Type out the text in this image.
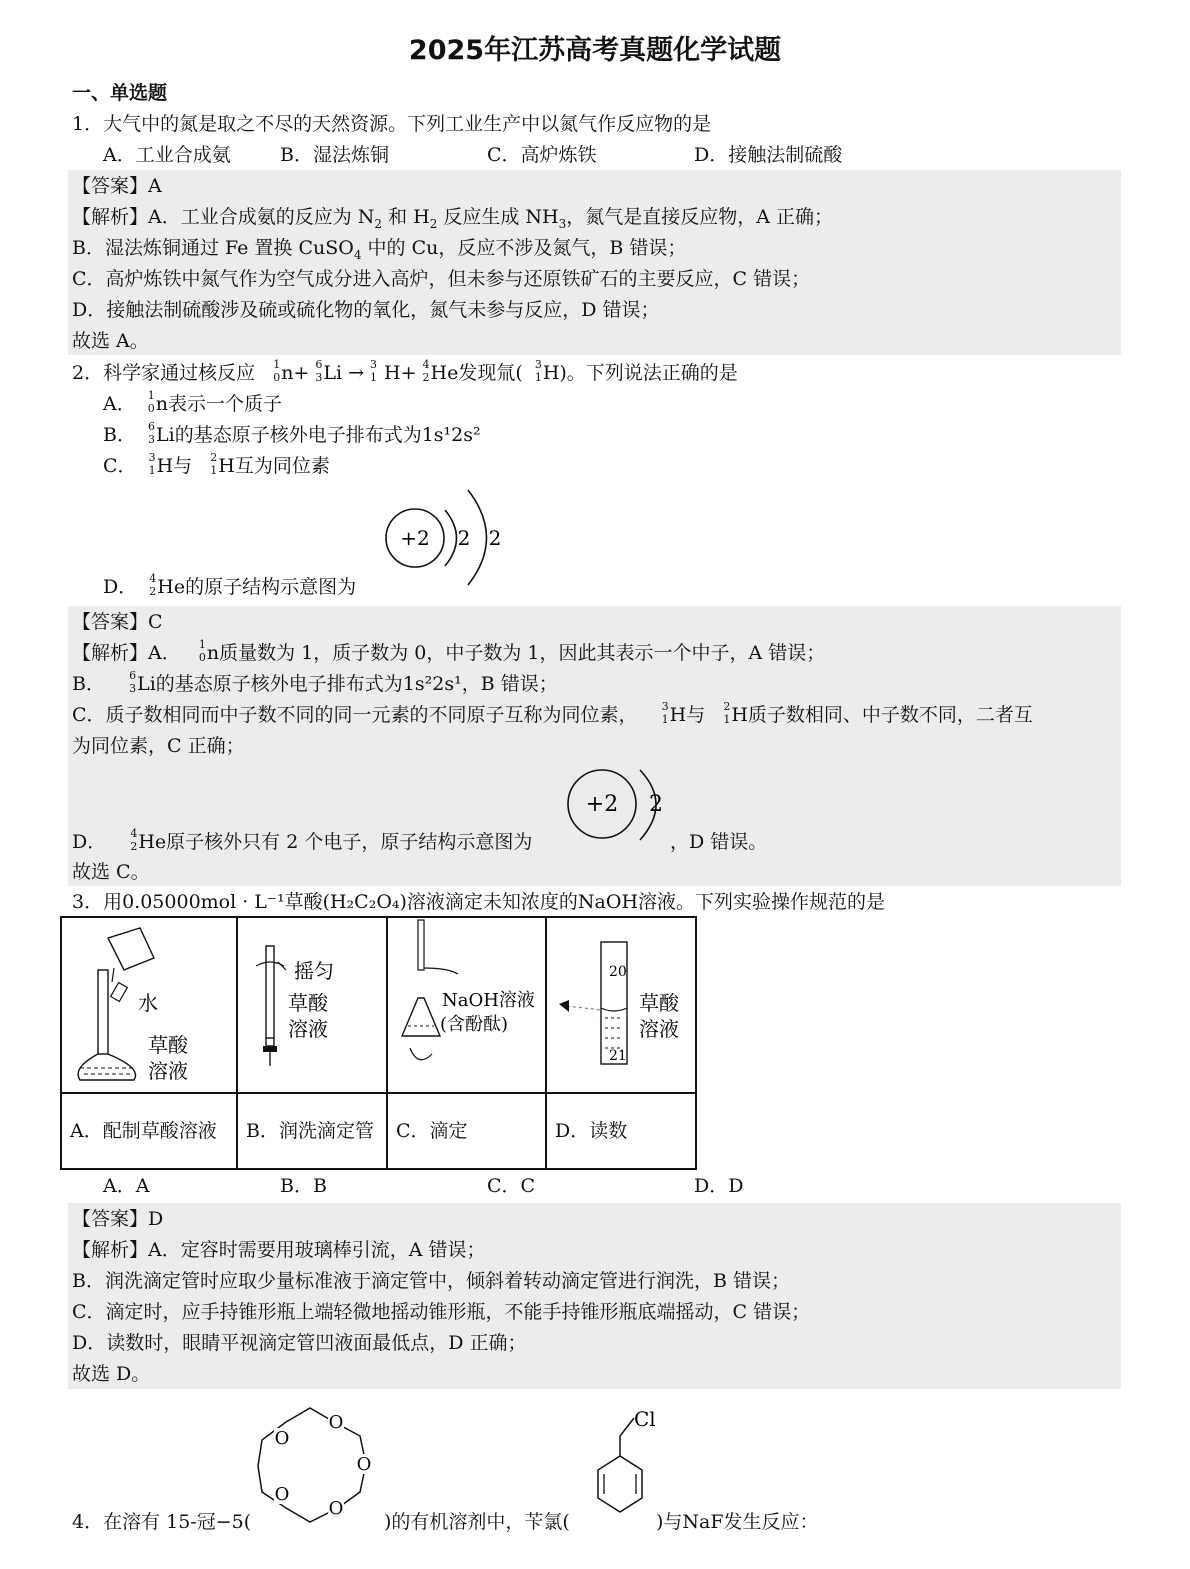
2025年江苏高考真题化学试题
一、单选题
1．大气中的氮是取之不尽的天然资源。下列工业生产中以氮气作反应物的是
A．工业合成氨	B．湿法炼铜	C．高炉炼铁	D．接触法制硫酸
【答案】A
【解析】A．工业合成氨的反应为 $N_2$ 和 $H_2$ 反应生成 $NH_3$，氮气是直接反应物，A 正确；
B．湿法炼铜通过 Fe 置换 CuSO$_4$ 中的 Cu，反应不涉及氮气，B 错误；
C．高炉炼铁中氮气作为空气成分进入高炉，但未参与还原铁矿石的主要反应，C 错误；
D．接触法制硫酸涉及硫或硫化物的氧化，氮气未参与反应，D 错误；
故选 A。
2．科学家通过核反应 1
0 n+ 6
3 Li → 3
1 H+ 4
2 He发现氚( 3
1 H)。下列说法正确的是
A． 1
0 n表示一个质子
B． 6
3 Li的基态原子核外电子排布式为1s¹2s²
C． 3
1 H与 2
1 H互为同位素
+2 2 2
D． 4
2 He的原子结构示意图为
【答案】C
【解析】A． 1
0 n质量数为 1，质子数为 0，中子数为 1，因此其表示一个中子，A 错误；
B． 6
3 Li的基态原子核外电子排布式为1s²2s¹，B 错误；
C．质子数相同而中子数不同的同一元素的不同原子互称为同位素， 3
1 H与 2
1 H质子数相同、中子数不同，二者互
为同位素，C 正确；
+2 2
D． 4
2 He原子核外只有 2 个电子，原子结构示意图为	，D 错误。
故选 C。
3．用0.05000mol · L⁻¹草酸(H₂C₂O₄)溶液滴定未知浓度的NaOH溶液。下列实验操作规范的是
水
草酸
溶液	摇匀
草酸
溶液	NaOH溶液
(含酚酞)	20
21
草酸
溶液

A．配制草酸溶液	B．润洗滴定管	C．滴定	D．读数
A．A	B．B	C．C	D．D
【答案】D
【解析】A．定容时需要用玻璃棒引流，A 错误；
B．润洗滴定管时应取少量标准液于滴定管中，倾斜着转动滴定管进行润洗，B 错误；
C．滴定时，应手持锥形瓶上端轻微地摇动锥形瓶，不能手持锥形瓶底端摇动，C 错误；
D．读数时，眼睛平视滴定管凹液面最低点，D 正确；
故选 D。
O
O
O
O
O
Cl
4．在溶有 15-冠−5(	)的有机溶剂中，苄氯(	)与NaF发生反应：
